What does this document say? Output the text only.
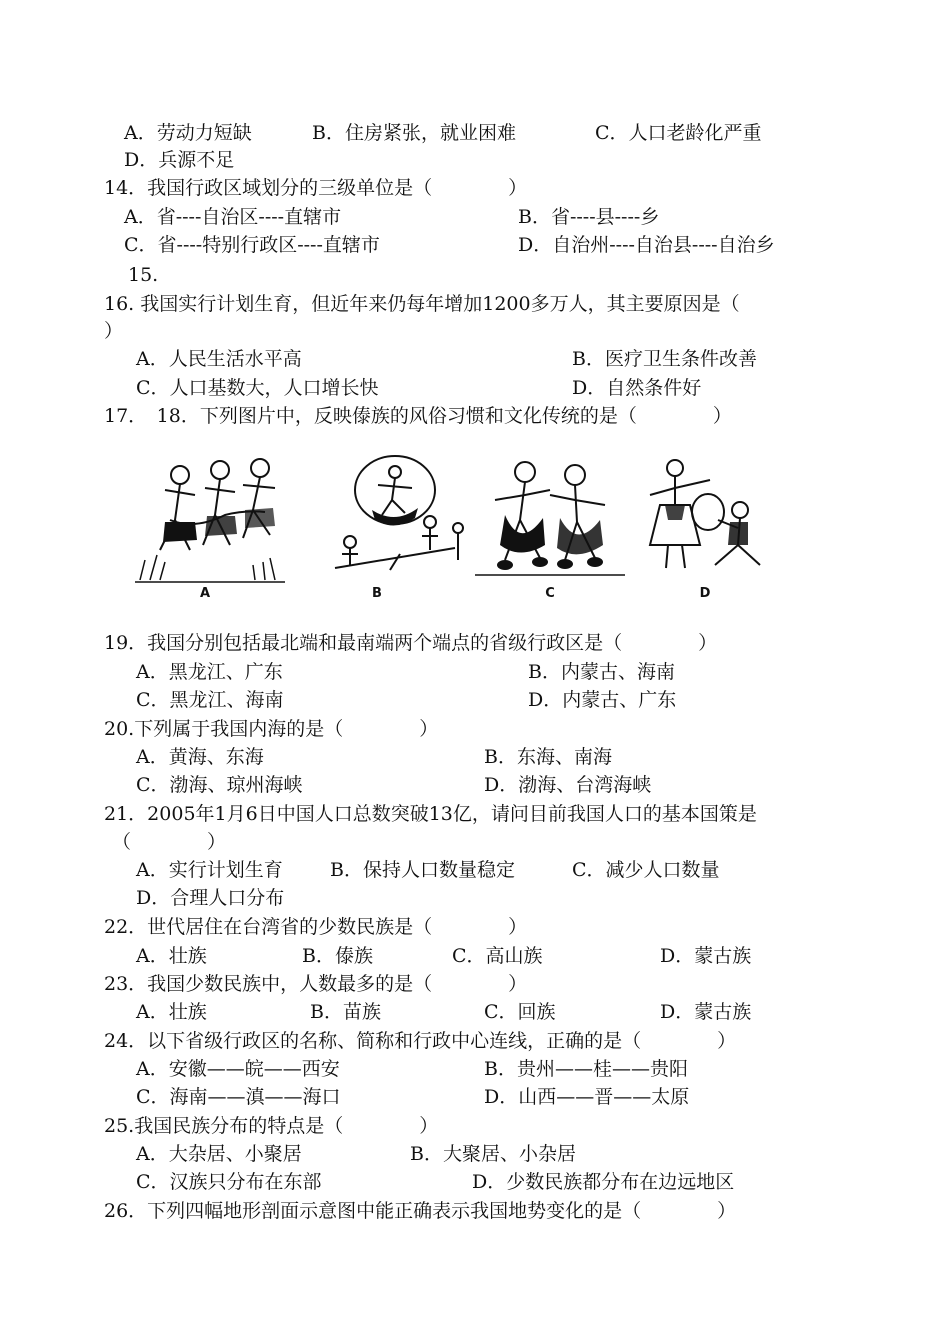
A．劳动力短缺	B．住房紧张，就业困难	C．人口老龄化严重
D．兵源不足
14．我国行政区域划分的三级单位是（　　　　）
A．省----自治区----直辖市	B．省----县----乡
C．省----特别行政区----直辖市	D．自治州----自治县----自治乡
15.
16. 我国实行计划生育，但近年来仍每年增加1200多万人，其主要原因是（
）
A．人民生活水平高	B．医疗卫生条件改善
C．人口基数大，人口增长快	D．自然条件好
17．　18．下列图片中，反映傣族的风俗习惯和文化传统的是（　　　　）
A	B	C	D
19．我国分别包括最北端和最南端两个端点的省级行政区是（　　　　）
A．黑龙江、广东	B．内蒙古、海南
C．黑龙江、海南	D．内蒙古、广东
20.下列属于我国内海的是（　　　　）
A．黄海、东海	B．东海、南海
C．渤海、琼州海峡	D．渤海、台湾海峡
21．2005年1月6日中国人口总数突破13亿，请问目前我国人口的基本国策是
（　　　　）
A．实行计划生育 B．保持人口数量稳定	C．减少人口数量
D．合理人口分布
22．世代居住在台湾省的少数民族是（　　　　）
A．壮族	B．傣族	C．高山族	D．蒙古族
23．我国少数民族中，人数最多的是（　　　　）
A．壮族	B．苗族	C．回族	D．蒙古族
24．以下省级行政区的名称、简称和行政中心连线，正确的是（　　　　）
A．安徽——皖——西安	B．贵州——桂——贵阳
C．海南——滇——海口	D．山西——晋——太原
25.我国民族分布的特点是（　　　　）
A．大杂居、小聚居	B．大聚居、小杂居
C．汉族只分布在东部	D．少数民族都分布在边远地区
26．下列四幅地形剖面示意图中能正确表示我国地势变化的是（　　　　）
